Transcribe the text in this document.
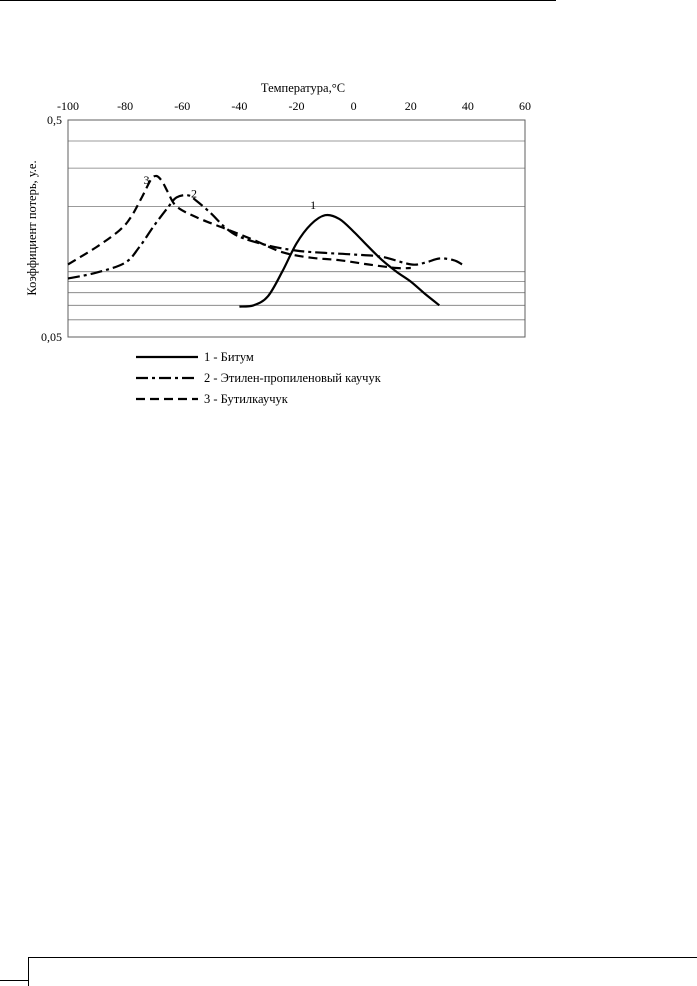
-100	-80	-60	-40	-20	0	20	40	60
0,05
0,5
Температура,°С
Коэффициент потерь, у.е.	1
2
3
1 - Битум
2 - Этилен-пропиленовый каучук
3 - Бутилкаучук
